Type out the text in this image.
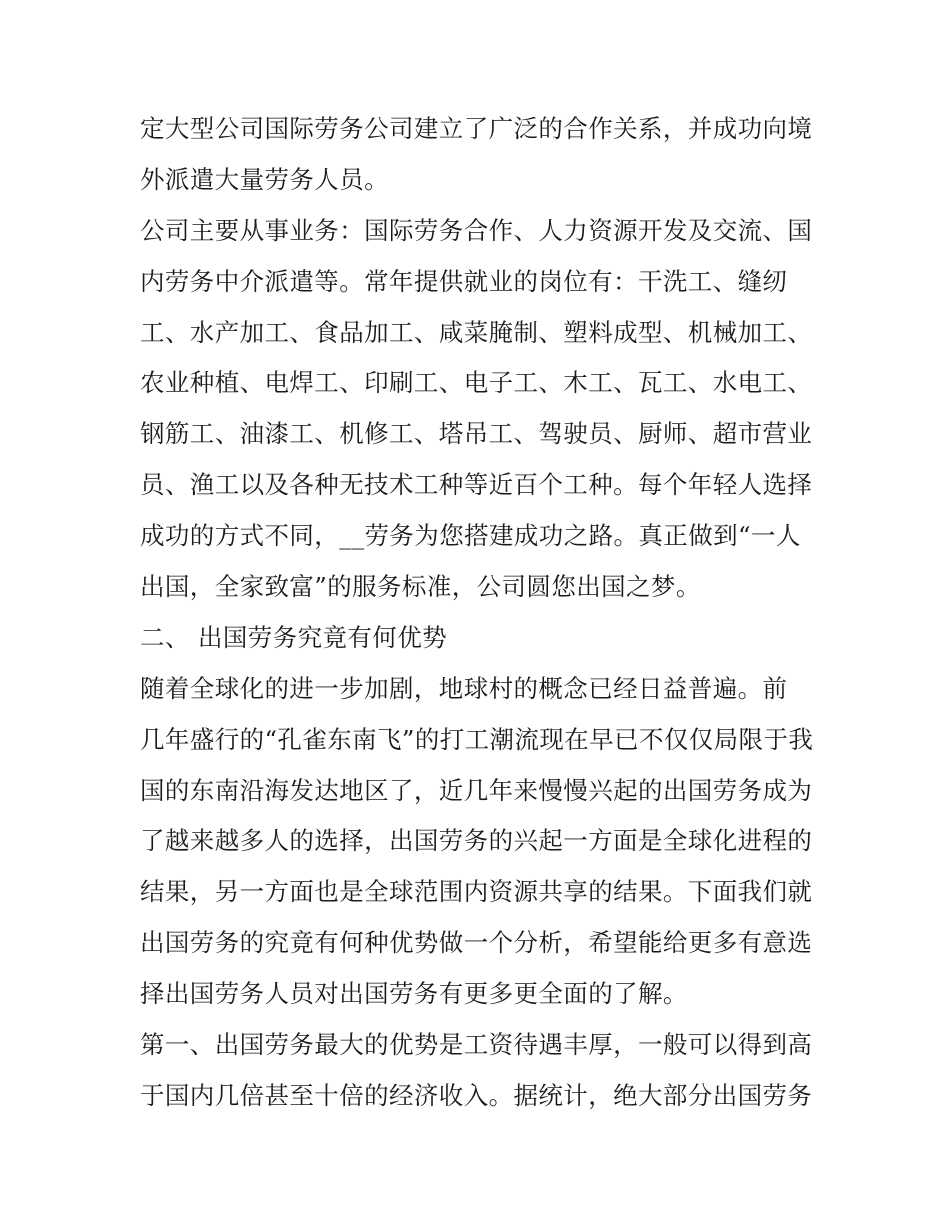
定大型公司国际劳务公司建立了广泛的合作关系，并成功向境
外派遣大量劳务人员。
公司主要从事业务：国际劳务合作、人力资源开发及交流、国
内劳务中介派遣等。常年提供就业的岗位有：干洗工、缝纫
工、水产加工、食品加工、咸菜腌制、塑料成型、机械加工、
农业种植、电焊工、印刷工、电子工、木工、瓦工、水电工、
钢筋工、油漆工、机修工、塔吊工、驾驶员、厨师、超市营业
员、渔工以及各种无技术工种等近百个工种。每个年轻人选择
成功的方式不同，__劳务为您搭建成功之路。真正做到“一人
出国，全家致富”的服务标准，公司圆您出国之梦。
二、 出国劳务究竟有何优势
随着全球化的进一步加剧，地球村的概念已经日益普遍。前
几年盛行的“孔雀东南飞”的打工潮流现在早已不仅仅局限于我
国的东南沿海发达地区了，近几年来慢慢兴起的出国劳务成为
了越来越多人的选择，出国劳务的兴起一方面是全球化进程的
结果，另一方面也是全球范围内资源共享的结果。下面我们就
出国劳务的究竟有何种优势做一个分析，希望能给更多有意选
择出国劳务人员对出国劳务有更多更全面的了解。
第一、出国劳务最大的优势是工资待遇丰厚，一般可以得到高
于国内几倍甚至十倍的经济收入。据统计，绝大部分出国劳务
